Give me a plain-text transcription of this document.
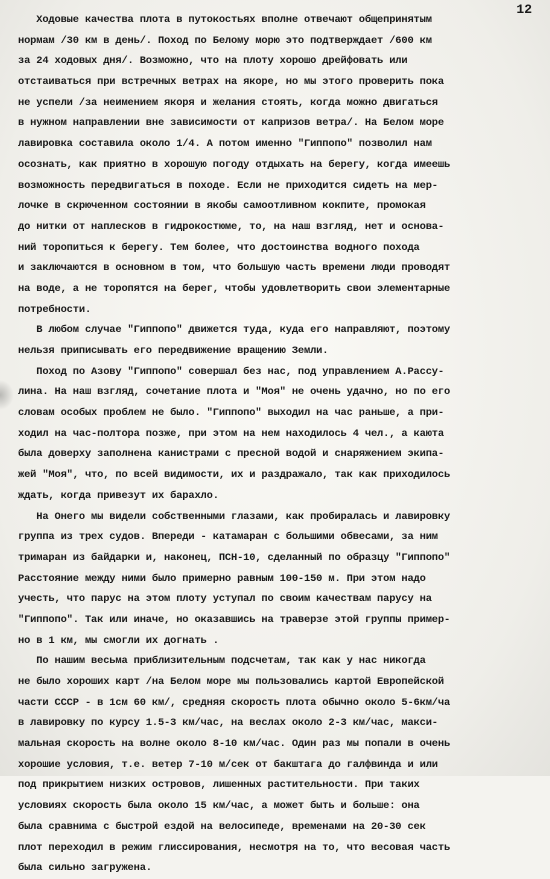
12
Ходовые качества плота в путокостьях вполне отвечают общепринятым
нормам /30 км в день/. Поход по Белому морю это подтверждает /600 км
за 24 ходовых дня/. Возможно, что на плоту хорошо дрейфовать или
отстаиваться при встречных ветрах на якоре, но мы этого проверить пока
не успели /за неимением якоря и желания стоять, когда можно двигаться
в нужном направлении вне зависимости от капризов ветра/. На Белом море
лавировка составила около 1/4. А потом именно "Гиппопо" позволил нам
осознать, как приятно в хорошую погоду отдыхать на берегу, когда имеешь
возможность передвигаться в походе. Если не приходится сидеть на мер-
лочке в скрюченном состоянии в якобы самоотливном кокпите, промокая
до нитки от наплесков в гидрокостюме, то, на наш взгляд, нет и основа-
ний торопиться к берегу. Тем более, что достоинства водного похода
и заключаются в основном в том, что большую часть времени люди проводят
на воде, а не торопятся на берег, чтобы удовлетворить свои элементарные
потребности.
В любом случае "Гиппопо" движется туда, куда его направляют, поэтому
нельзя приписывать его передвижение вращению Земли.
Поход по Азову "Гиппопо" совершал без нас, под управлением А.Рассу-
лина. На наш взгляд, сочетание плота и "Моя" не очень удачно, но по его
словам особых проблем не было. "Гиппопо" выходил на час раньше, а при-
ходил на час-полтора позже, при этом на нем находилось 4 чел., а каюта
была доверху заполнена канистрами с пресной водой и снаряжением экипа-
жей "Моя", что, по всей видимости, их и раздражало, так как приходилось
ждать, когда привезут их барахло.
На Онего мы видели собственными глазами, как пробиралась и лавировку
группа из трех судов. Впереди - катамаран с большими обвесами, за ним
тримаран из байдарки и, наконец, ПСН-10, сделанный по образцу "Гиппопо"
Расстояние между ними было примерно равным 100-150 м. При этом надо
учесть, что парус на этом плоту уступал по своим качествам парусу на
"Гиппопо". Так или иначе, но оказавшись на траверзе этой группы пример-
но в 1 км, мы смогли их догнать .
По нашим весьма приблизительным подсчетам, так как у нас никогда
не было хороших карт /на Белом море мы пользовались картой Европейской
части СССР - в 1см 60 км/, средняя скорость плота обычно около 5-6км/ча
в лавировку по курсу 1.5-3 км/час, на веслах около 2-3 км/час, макси-
мальная скорость на волне около 8-10 км/час. Один раз мы попали в очень
хорошие условия, т.е. ветер 7-10 м/сек от бакштага до галфвинда и или
под прикрытием низких островов, лишенных растительности. При таких
условиях скорость была около 15 км/час, а может быть и больше: она
была сравнима с быстрой ездой на велосипеде, временами на 20-30 сек
плот переходил в режим глиссирования, несмотря на то, что весовая часть
была сильно загружена.
